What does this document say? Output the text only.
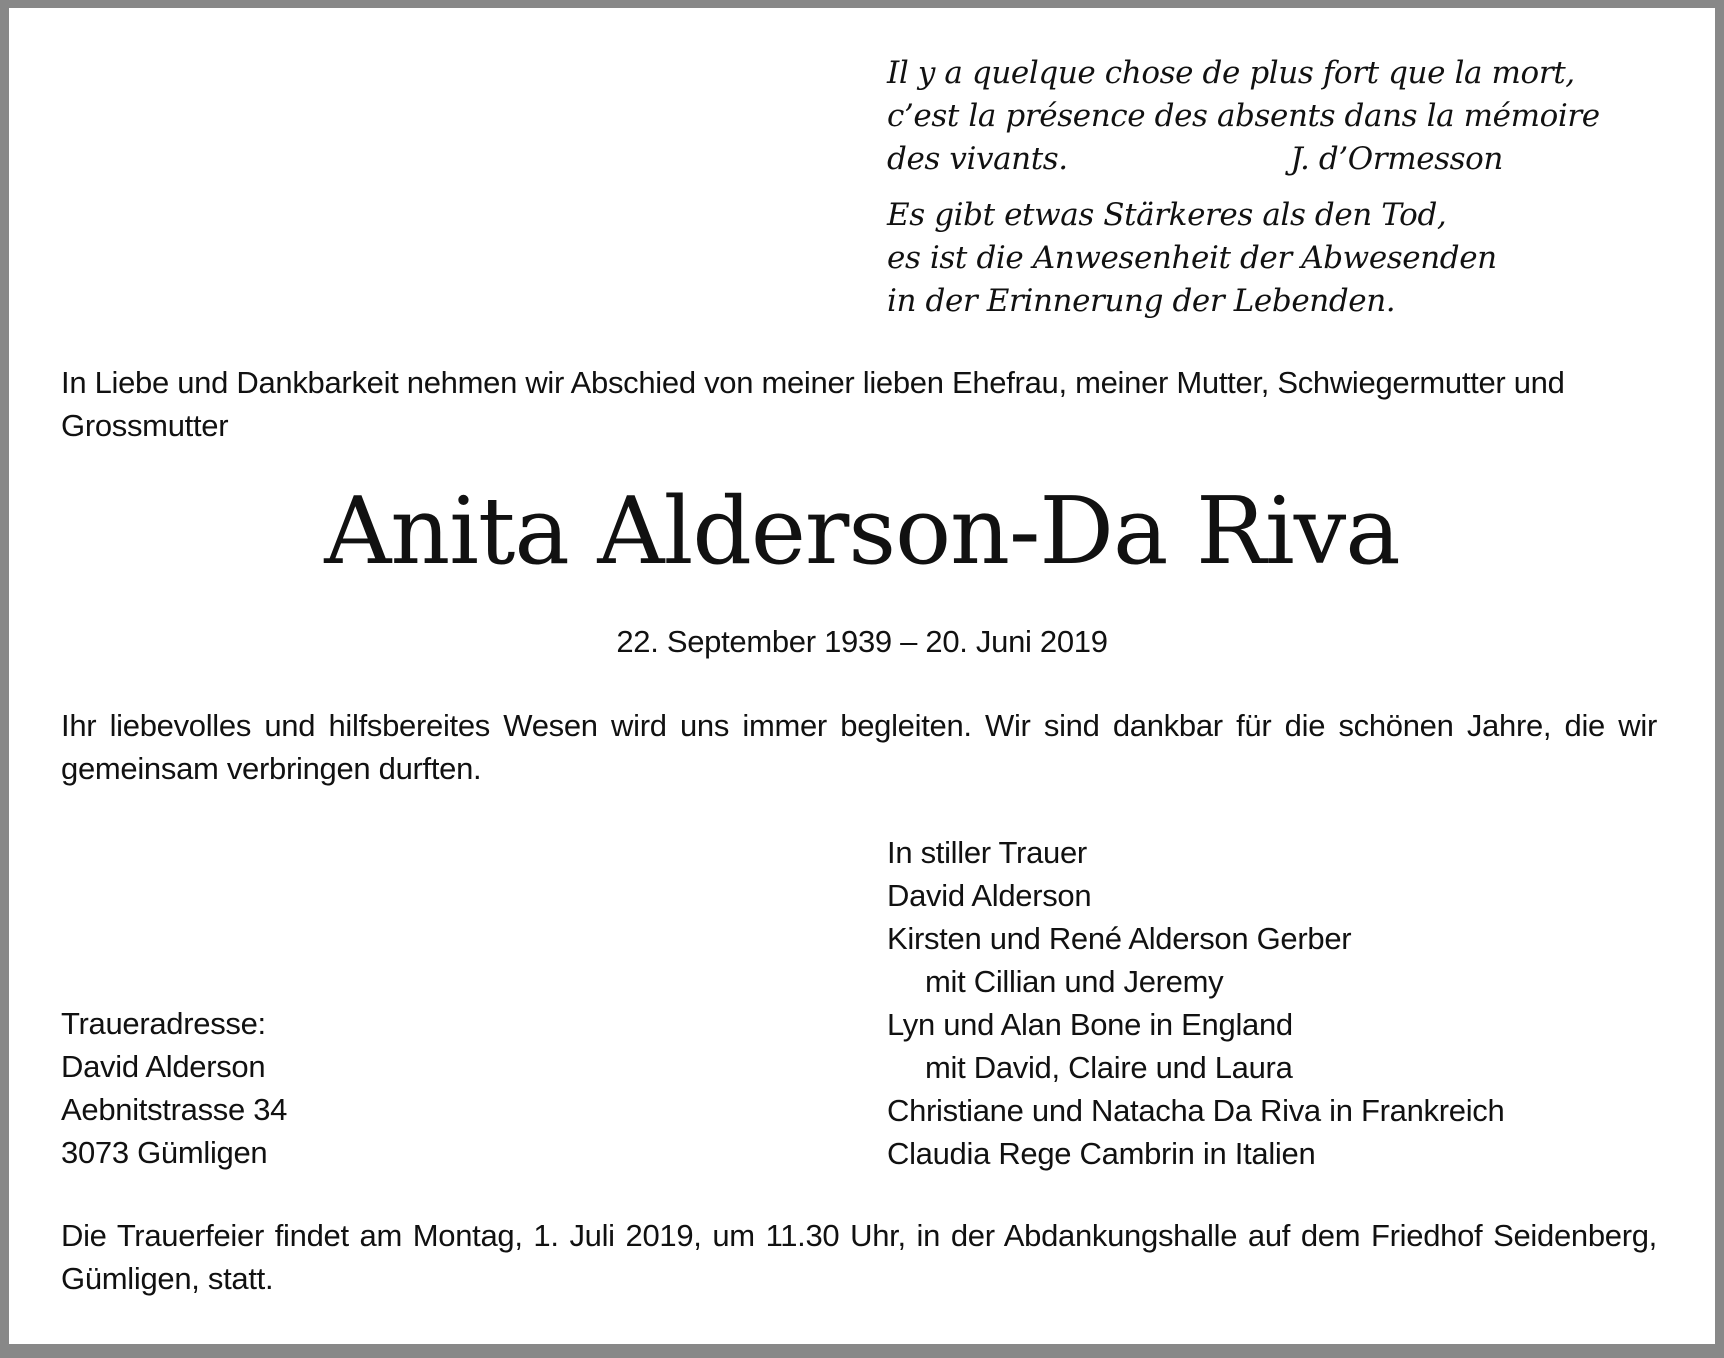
Il y a quelque chose de plus fort que la mort,
c’est la présence des absents dans la mémoire
des vivants.	J. d’Ormesson
Es gibt etwas Stärkeres als den Tod,
es ist die Anwesenheit der Abwesenden
in der Erinnerung der Lebenden.
In Liebe und Dankbarkeit nehmen wir Abschied von meiner lieben Ehefrau, meiner Mutter, Schwiegermutter und Grossmutter
Anita Alderson-Da Riva
22. September 1939 – 20. Juni 2019
Ihr liebevolles und hilfsbereites Wesen wird uns immer begleiten. Wir sind dankbar für die schönen Jahre, die wir gemeinsam verbringen durften.
In stiller Trauer
David Alderson
Kirsten und René Alderson Gerber
mit Cillian und Jeremy
Lyn und Alan Bone in England
mit David, Claire und Laura
Christiane und Natacha Da Riva in Frankreich
Claudia Rege Cambrin in Italien
Traueradresse:
David Alderson
Aebnitstrasse 34
3073 Gümligen
Die Trauerfeier findet am Montag, 1. Juli 2019, um 11.30 Uhr, in der Abdankungshalle auf dem Friedhof Seidenberg, Gümligen, statt.
